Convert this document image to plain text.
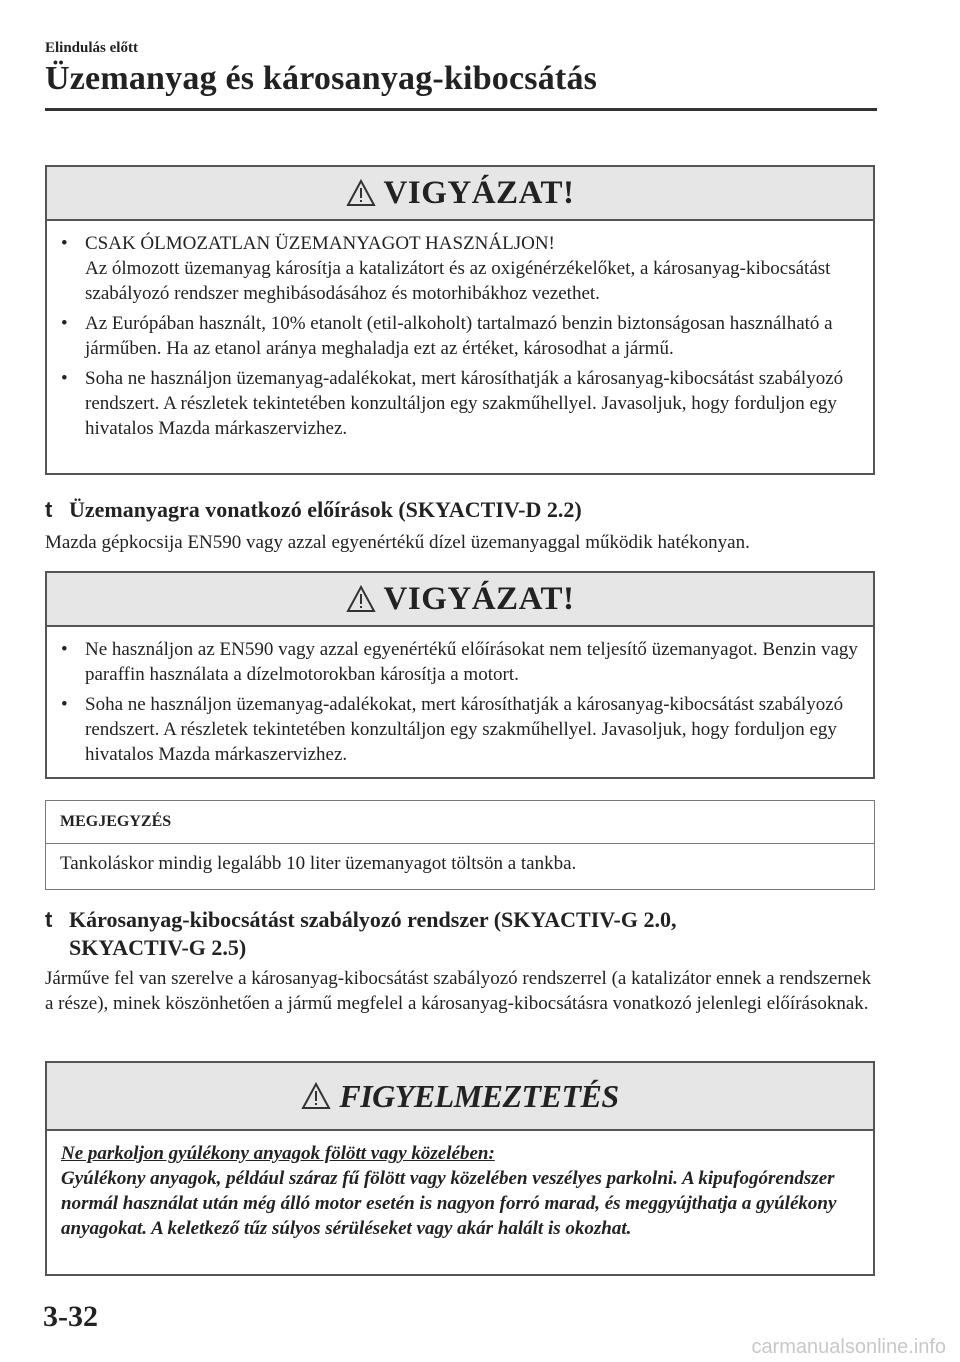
Elindulás előtt
Üzemanyag és károsanyag-kibocsátás
VIGYÁZAT!
• CSAK ÓLMOZATLAN ÜZEMANYAGOT HASZNÁLJON!
Az ólmozott üzemanyag károsítja a katalizátort és az oxigénérzékelőket, a károsanyag-kibocsátást szabályozó rendszer meghibásodásához és motorhibákhoz vezethet.
• Az Európában használt, 10% etanolt (etil-alkoholt) tartalmazó benzin biztonságosan használható a járműben. Ha az etanol aránya meghaladja ezt az értéket, károsodhat a jármű.
• Soha ne használjon üzemanyag-adalékokat, mert károsíthatják a károsanyag-kibocsátást szabályozó rendszert. A részletek tekintetében konzultáljon egy szakműhellyel. Javasoljuk, hogy forduljon egy hivatalos Mazda márkaszervizhez.
t Üzemanyagra vonatkozó előírások (SKYACTIV-D 2.2)
Mazda gépkocsija EN590 vagy azzal egyenértékű dízel üzemanyaggal működik hatékonyan.
VIGYÁZAT!
• Ne használjon az EN590 vagy azzal egyenértékű előírásokat nem teljesítő üzemanyagot. Benzin vagy paraffin használata a dízelmotorokban károsítja a motort.
• Soha ne használjon üzemanyag-adalékokat, mert károsíthatják a károsanyag-kibocsátást szabályozó rendszert. A részletek tekintetében konzultáljon egy szakműhellyel. Javasoljuk, hogy forduljon egy hivatalos Mazda márkaszervizhez.
MEGJEGYZÉS
Tankoláskor mindig legalább 10 liter üzemanyagot töltsön a tankba.
t Károsanyag-kibocsátást szabályozó rendszer (SKYACTIV-G 2.0,
SKYACTIV-G 2.5)
Járműve fel van szerelve a károsanyag-kibocsátást szabályozó rendszerrel (a katalizátor ennek a rendszernek a része), minek köszönhetően a jármű megfelel a károsanyag-kibocsátásra vonatkozó jelenlegi előírásoknak.
FIGYELMEZTETÉS
Ne parkoljon gyúlékony anyagok fölött vagy közelében:
Gyúlékony anyagok, például száraz fű fölött vagy közelében veszélyes parkolni. A kipufogórendszer normál használat után még álló motor esetén is nagyon forró marad, és meggyújthatja a gyúlékony anyagokat. A keletkező tűz súlyos sérüléseket vagy akár halált is okozhat.
3-32
carmanualsonline.info
